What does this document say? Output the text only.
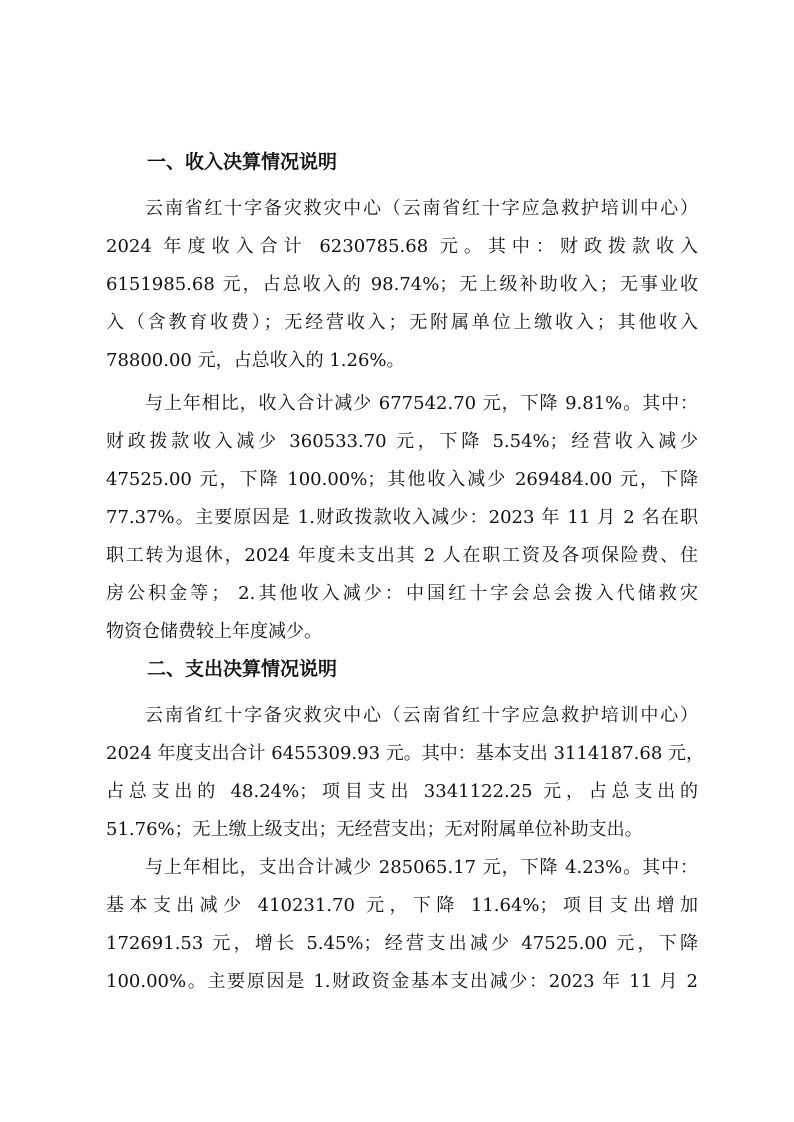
一、收入决算情况说明
云南省红十字备灾救灾中心（云南省红十字应急救护培训中心）
2024 年度收入合计 6230785.68 元。其中：财政拨款收入
6151985.68 元，占总收入的 98.74%；无上级补助收入；无事业收
入（含教育收费）；无经营收入；无附属单位上缴收入；其他收入
78800.00 元，占总收入的 1.26%。
与上年相比，收入合计减少 677542.70 元，下降 9.81%。其中：
财政拨款收入减少 360533.70 元，下降 5.54%；经营收入减少
47525.00 元，下降 100.00%；其他收入减少 269484.00 元，下降
77.37%。主要原因是 1.财政拨款收入减少：2023 年 11 月 2 名在职
职工转为退休，2024 年度未支出其 2 人在职工资及各项保险费、住
房公积金等； 2.其他收入减少：中国红十字会总会拨入代储救灾
物资仓储费较上年度减少。
二、支出决算情况说明
云南省红十字备灾救灾中心（云南省红十字应急救护培训中心）
2024 年度支出合计 6455309.93 元。其中：基本支出 3114187.68 元，
占总支出的 48.24%；项目支出 3341122.25 元，占总支出的
51.76%；无上缴上级支出；无经营支出；无对附属单位补助支出。
与上年相比，支出合计减少 285065.17 元，下降 4.23%。其中：
基本支出减少 410231.70 元，下降 11.64%；项目支出增加
172691.53 元，增长 5.45%；经营支出减少 47525.00 元，下降
100.00%。主要原因是 1.财政资金基本支出减少：2023 年 11 月 2
